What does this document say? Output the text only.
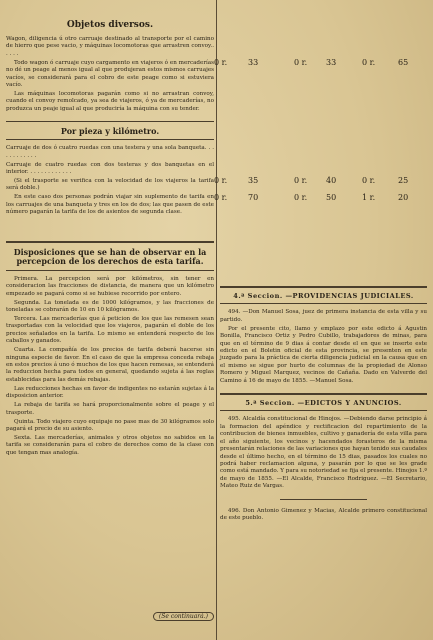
Objetos diversos.

Wagon, diligencia ú otro carruaje destinado al transporte por el camino de hierro que pese vacio, y máquinas locomotoras que arrastren convoy.. . . . .

Todo wagon ó carruaje cuyo cargamento en viajeros ó en mercaderías no dé un peage al menos igual al que produjeran estos mismos carruajes vacíos, se considerará para el cobro de este peage como si estuviera vacío.

Las máquinas locomotoras pagarán como si no arrastran convoy, cuando el convoy remolcado, ya sea de viajeros, ó ya de mercaderías, no produzca un peaje igual al que produciría la máquina con su tender.

Por pieza y kilómetro.

Carruaje de dos ó cuatro ruedas con una testera y una sola banqueta. . . . . . . . . . . .

Carruaje de cuatro ruedas con dos testeras y dos banquetas en el interior. . . . . . . . . . . . .

(Si el trasporte se verifica con la velocidad de los viajeros la tarifa será doble.)

En este caso dos personas podrán viajar sin suplemento de tarifa en los carruajes de una banqueta y tres en los de dos; las que pasen de este número pagarán la tarifa de los de asientos de segunda clase.

Disposiciones que se han de observar en la percepcion de los derechos de esta tarifa.

Primera. La percepcion será por kilómetros, sin tener en consideracion las fracciones de distancia, de manera que un kilómetro empezado se pagará como si se hubiese recorrido por entero.

Segunda. La tonelada es de 1000 kilógramos, y las fracciones de toneladas se cobrarán de 10 en 10 kilógramos.

Tercera. Las mercaderías que á peticion de los que las remesen sean trasportadas con la velocidad que los viajeros, pagarán el doble de los precios señalados en la tarifa. Lo mismo se entenderá respecto de los caballos y ganados.

Cuarta. La compañía de los precios de tarifa deberá hacerse sin ninguna especie de favor. En el caso de que la empresa conceda rebaja en estos precios á uno ó muchos de los que hacen remesas, se entenderá la reduccion hecha para todos en general, quedando sujeta á las reglas establecidas para las demás rebajas.

Las reducciones hechas en favor de indigentes no estarán sujetas á la disposicion anterior.

La rebaja de tarifa se hará proporcionalmente sobre el peage y el trasporte.

Quinta. Todo viajero cuyo equipaje no pase mas de 30 kilógramos solo pagará el precio de su asiento.

Sexta. Las mercaderías, animales y otros objetos no sabidos en la tarifa se considerarán para el cobro de derechos como de la clase con que tengan mas analogía.

(Se continuará.)
0 r.	33	0 r. 33	0 r.	65
0 r.	35	0 r. 40	0 r.	25
0 r.	70	0 r. 50	1 r.	20
4.ª Seccion. —PROVIDENCIAS JUDICIALES.

494. —Don Manuel Sosa, juez de primera instancia de esta villa y su partido.

Por el presente cito, llamo y emplazo por este edicto á Agustin Bonilla, Francisco Ortiz y Pedro Cubillo, trabajadores de minas, para que en el término de 9 dias á contar desde el en que se inserte este edicto en el Boletin oficial de esta provincia, se presenten en este juzgado para la práctica de cierta diligencia judicial en la causa que en el mismo se sigue por hurto de columnas de la propiedad de Alonso Romero y Miguel Marquez, vecinos de Cañaña. Dado en Valverde del Camino á 16 de mayo de 1855. —Manuel Sosa.

5.ª Seccion. —EDICTOS Y ANUNCIOS.

495. Alcaldía constitucional de Hinojos. —Debiendo darse principio á la formacion del apéndice y rectificacion del repartimiento de la contribucion de bienes inmuebles, cultivo y ganadería de esta villa para el año siguiente, los vecinos y hacendados forasteros de la misma presentarán relaciones de las variaciones que hayan tenido sus caudales desde el último hecho, en el término de 15 dias, pasados los cuales no podrá haber reclamacion alguna, y pasarán por lo que se les grade como está mandado. Y para su notoriedad se fija el presente. Hinojos 1.º de mayo de 1855. —El Alcalde, Francisco Rodriguez. —El Secretario, Mateo Ruiz de Vargas.

496. Don Antonio Gimenez y Macias, Alcalde primero constitucional de este pueblo.
